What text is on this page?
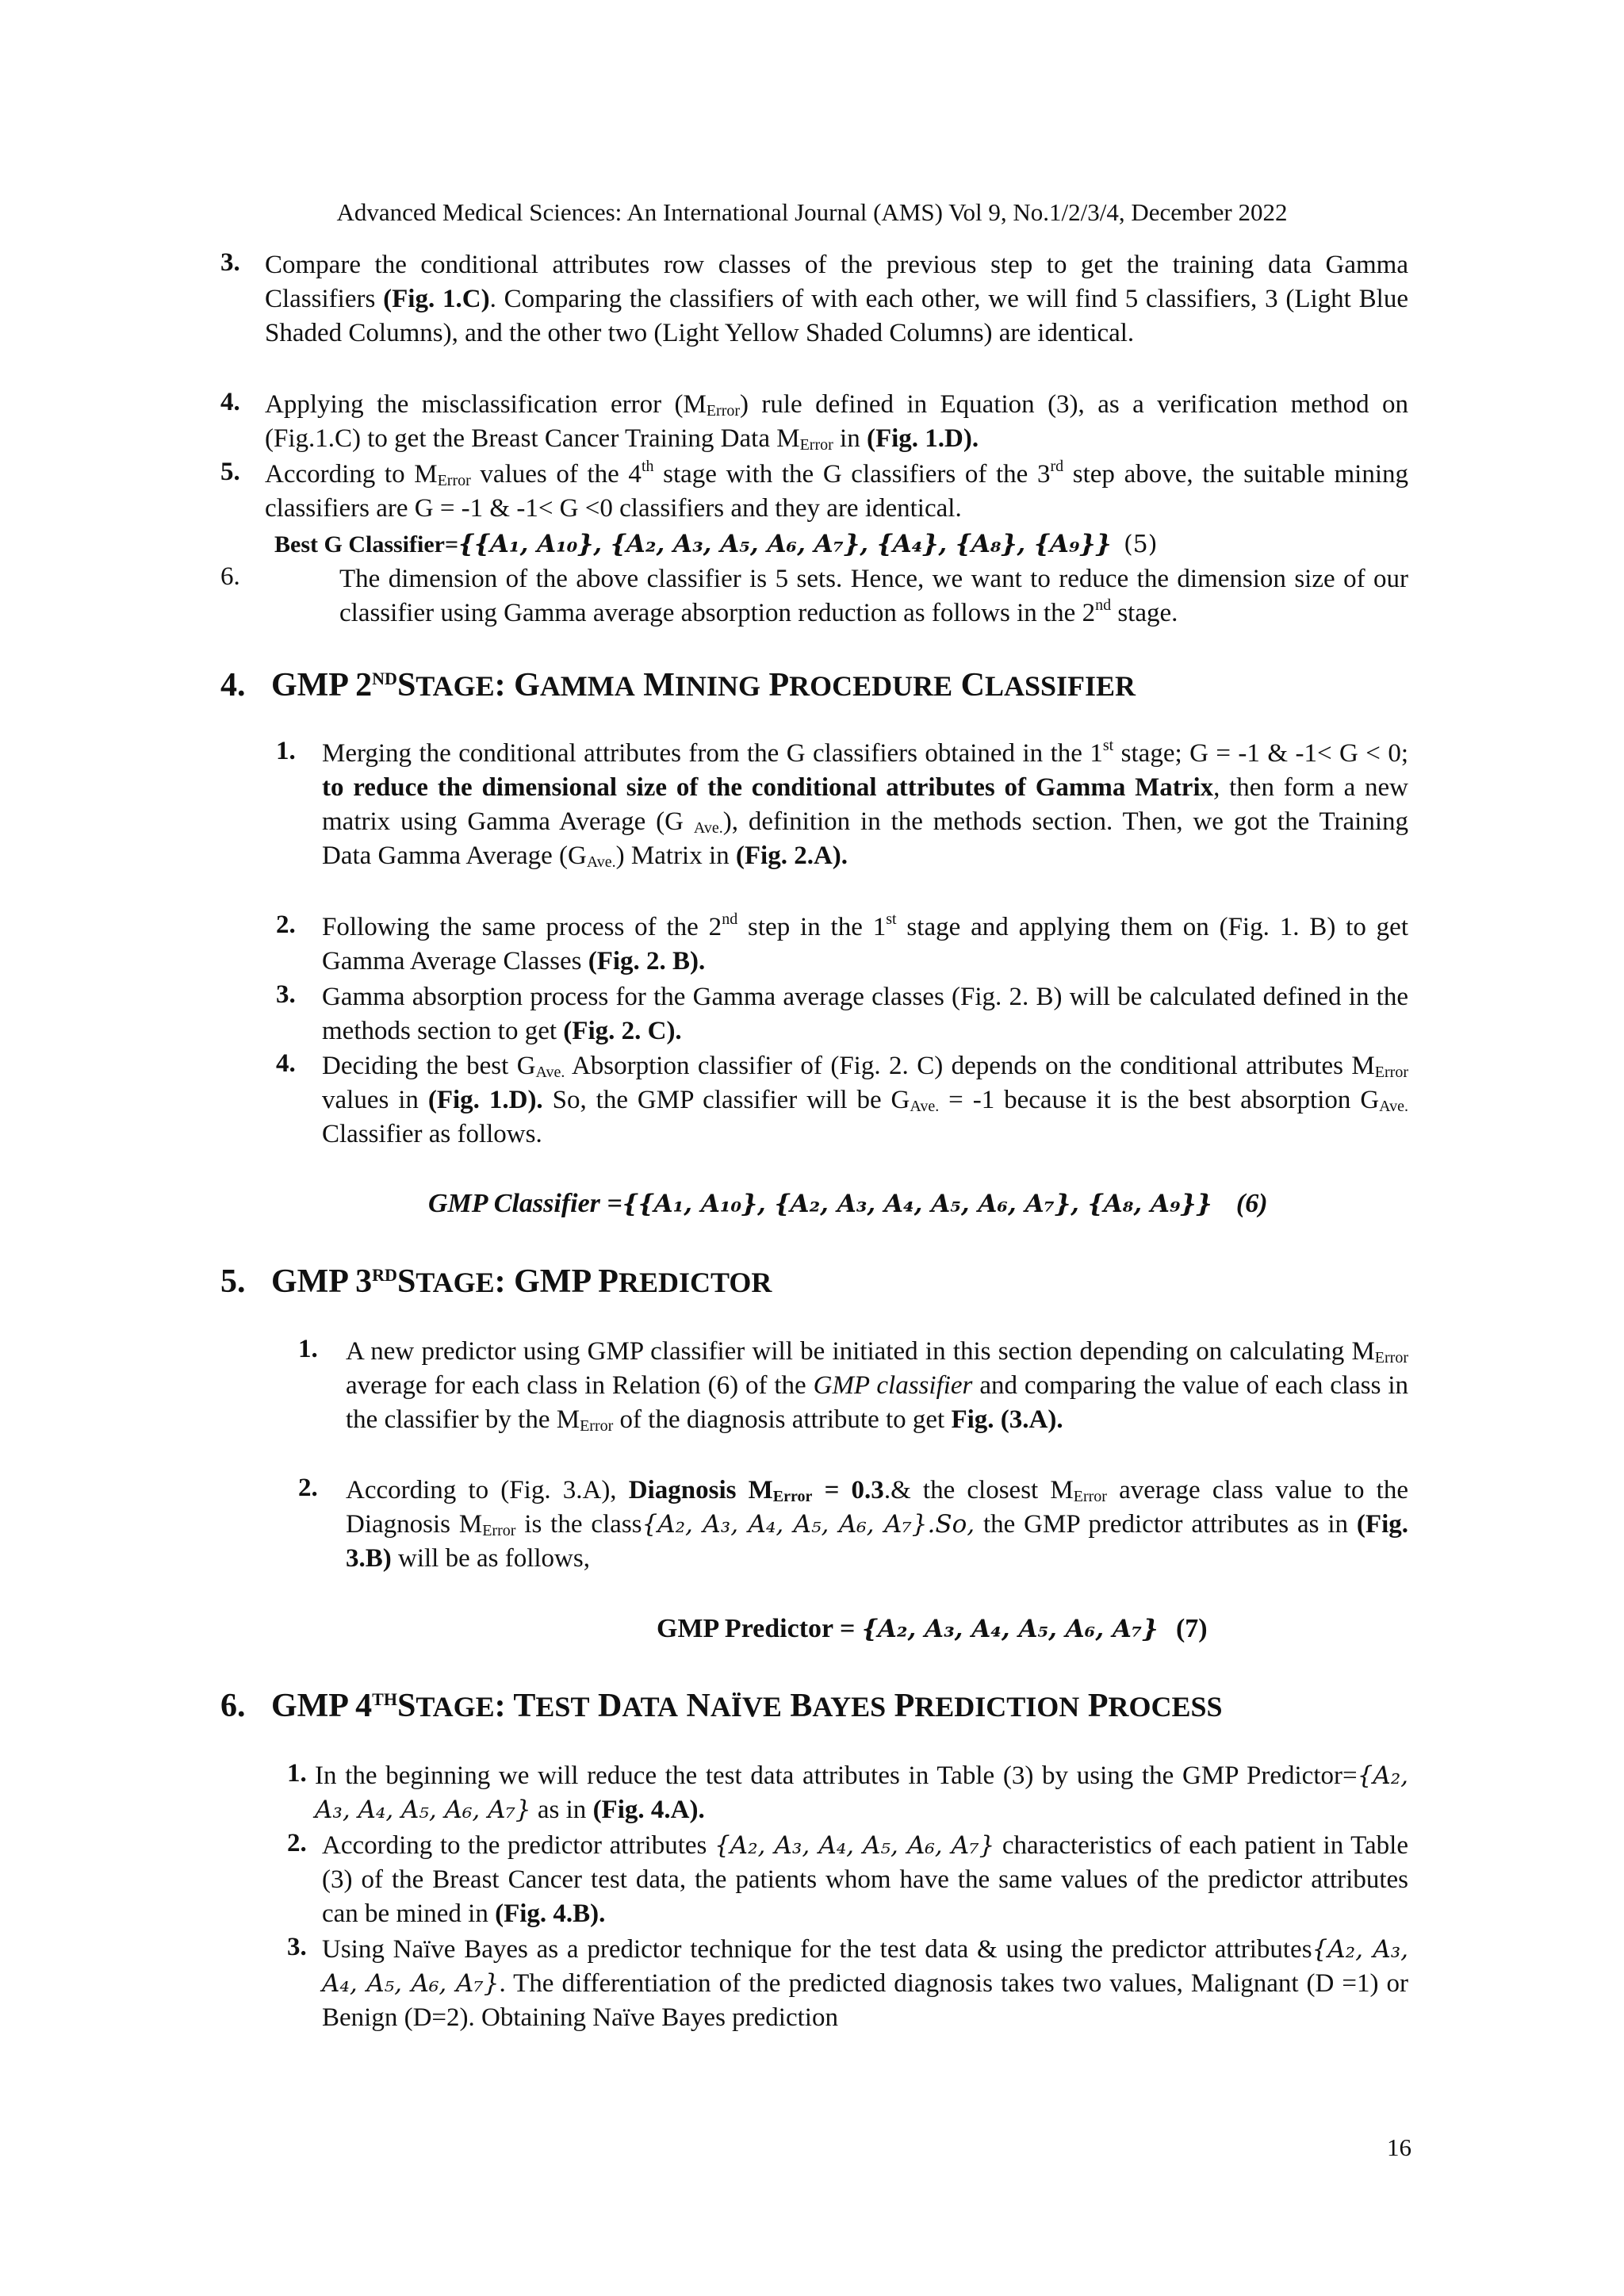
Advanced Medical Sciences: An International Journal (AMS) Vol 9, No.1/2/3/4, December 2022
3. Compare the conditional attributes row classes of the previous step to get the training data Gamma Classifiers (Fig. 1.C). Comparing the classifiers of with each other, we will find 5 classifiers, 3 (Light Blue Shaded Columns), and the other two (Light Yellow Shaded Columns) are identical.
4. Applying the misclassification error $(M_{Error})$ rule defined in Equation (3), as a verification method on (Fig.1.C) to get the Breast Cancer Training Data $M_{Error}$ in (Fig. 1.D).
5. According to $M_{Error}$ values of the 4th stage with the G classifiers of the 3rd step above, the suitable mining classifiers are G = -1 & -1< G <0 classifiers and they are identical.
Best G Classifier={{A₁, A₁₀}, {A₂, A₃, A₅, A₆, A₇}, {A₄}, {A₈}, {A₉}} (5)
6.	The dimension of the above classifier is 5 sets. Hence, we want to reduce the dimension size of our classifier using Gamma average absorption reduction as follows in the 2nd stage.
4. GMP 2NDSTAGE: GAMMA MINING PROCEDURE CLASSIFIER
1. Merging the conditional attributes from the G classifiers obtained in the 1st stage; G = -1 & -1< G < 0; to reduce the dimensional size of the conditional attributes of Gamma Matrix, then form a new matrix using Gamma Average (G $_{Ave.}$), definition in the methods section. Then, we got the Training Data Gamma Average $(G_{Ave.})$ Matrix in (Fig. 2.A).
2. Following the same process of the 2nd step in the 1st stage and applying them on (Fig. 1. B) to get Gamma Average Classes (Fig. 2. B).
3. Gamma absorption process for the Gamma average classes (Fig. 2. B) will be calculated defined in the methods section to get (Fig. 2. C).
4. Deciding the best $G_{Ave.}$ Absorption classifier of (Fig. 2. C) depends on the conditional attributes $M_{Error}$ values in (Fig. 1.D). So, the GMP classifier will be $G_{Ave.} = -1$ because it is the best absorption $G_{Ave.}$ Classifier as follows.
GMP Classifier ={{A₁, A₁₀}, {A₂, A₃, A₄, A₅, A₆, A₇}, {A₈, A₉}} (6)
5. GMP 3RDSTAGE: GMP PREDICTOR
1. A new predictor using GMP classifier will be initiated in this section depending on calculating $M_{Error}$ average for each class in Relation (6) of the GMP classifier and comparing the value of each class in the classifier by the $M_{Error}$ of the diagnosis attribute to get Fig. (3.A).
2. According to (Fig. 3.A), Diagnosis $M_{Error}$ = 0.3.& the closest $M_{Error}$ average class value to the Diagnosis $M_{Error}$ is the class{A₂, A₃, A₄, A₅, A₆, A₇}.So, the GMP predictor attributes as in (Fig. 3.B) will be as follows,
GMP Predictor = {A₂, A₃, A₄, A₅, A₆, A₇} (7)
6. GMP 4THSTAGE: TEST DATA NAÏVE BAYES PREDICTION PROCESS
1. In the beginning we will reduce the test data attributes in Table (3) by using the GMP Predictor={A₂, A₃, A₄, A₅, A₆, A₇} as in (Fig. 4.A).
2. According to the predictor attributes {A₂, A₃, A₄, A₅, A₆, A₇} characteristics of each patient in Table (3) of the Breast Cancer test data, the patients whom have the same values of the predictor attributes can be mined in (Fig. 4.B).
3. Using Naïve Bayes as a predictor technique for the test data & using the predictor attributes{A₂, A₃, A₄, A₅, A₆, A₇}. The differentiation of the predicted diagnosis takes two values, Malignant (D =1) or Benign (D=2). Obtaining Naïve Bayes prediction
16
